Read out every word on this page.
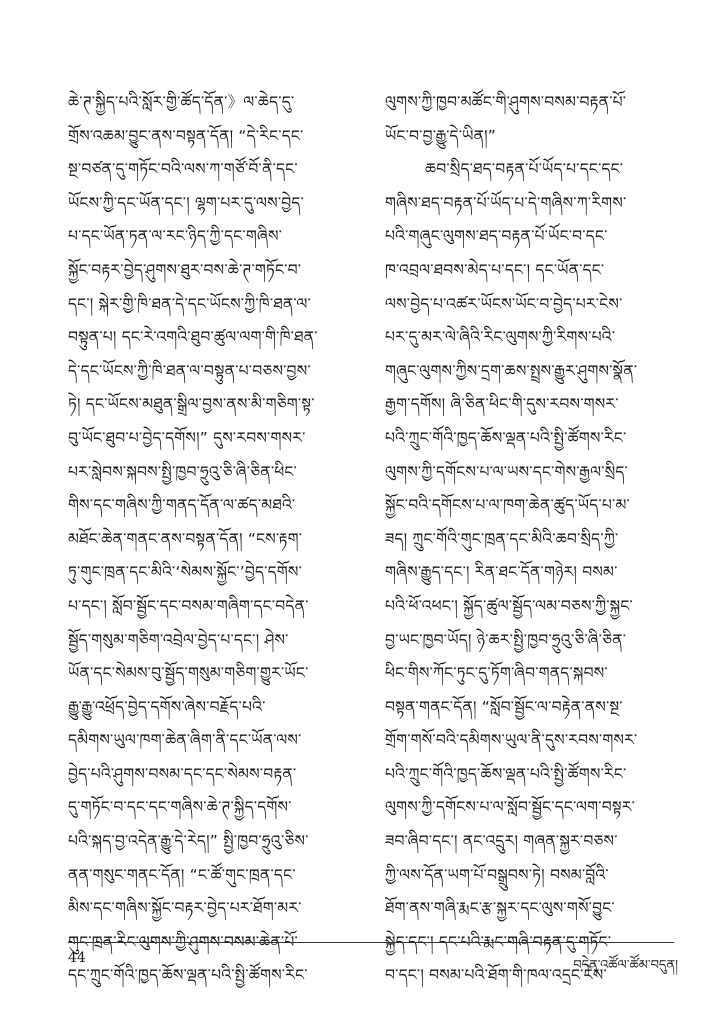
ཆེ་ཊ་སྐྱིད་པའི་སློར་གྱི་ཚོད་དོན་》ལ་ཆེད་དུ་
གྲོས་འཆམ་བྱུང་ནས་བསྟན་དོན། “དེ་རིང་དང་
སྔ་བཙན་དུ་གཏོང་བའི་ལས་ཀ་གཙོ་བོ་ནི་དང་
ཡོངས་ཀྱི་དང་ཡོན་དང་། ལྷག་པར་དུ་ལས་བྱེད་
པ་དང་ཡོན་ཏན་ལ་རང་ཉིད་ཀྱི་དང་གཞིས་
སྐྱོང་བརྟར་བྱེད་ཤུགས་ཐུར་བས་ཆེ་ཊ་གཏོང་བ་
དང་། སྐེར་གྱི་ཁི་ཐན་དེ་དང་ཡོངས་ཀྱི་ཁི་ཐན་ལ་
བསྟུན་པ། དང་རེ་འགའི་ཐུབ་ཚུལ་ལག་གི་ཁི་ཐན་
དེ་དང་ཡོངས་ཀྱི་ཁི་ཐན་ལ་བསྟུན་པ་བཅས་བྱས་
ཏེ། དང་ཡོངས་མཐུན་སྒྲིལ་བྱས་ནས་མི་གཅིག་སྟ་
བུ་ཡོང་ཐུབ་པ་བྱེད་དགོས།” དུས་རབས་གསར་
པར་སླེབས་སྐབས་སྤྱི་ཁྱབ་ཧྲུའུ་ཅི་ཞི་ཅིན་ཕིང་
གིས་དང་གཞིས་ཀྱི་གནད་དོན་ལ་ཚད་མཐའི་
མཐོང་ཆེན་གནང་ནས་བསྟན་དོན། “ངས་རྟག་
ཏུ་གུང་ཁྲན་དང་མིའི་‘སེམས་སྐྱོང་’བྱེད་དགོས་
པ་དང་། སློབ་སྦྱོང་དང་བསམ་གཞིག་དང་བདེན་
སྦྱོད་གསུམ་གཅིག་འབྲེལ་བྱེད་པ་དང་། ཤེས་
ཡོན་དང་སེམས་བུ་སྦྱོད་གསུམ་གཅིག་གྱུར་ཡོང་
རྒྱུ་རྒྱུ་འཕྲོད་བྱེད་དགོས་ཞེས་བརྗོད་པའི་
དམིགས་ཡུལ་ཁག་ཆེན་ཞིག་ནི་དང་ཡོན་ལས་
བྱེད་པའི་ཤུགས་བསམ་དང་དང་སེམས་བརྟན་
དུ་གཏོང་བ་དང་དང་གཞིས་ཆེ་ཊ་སྐྱིད་དགོས་
པའི་སྐད་བྱ་འདེན་རྒྱུ་དེ་རེད།” སྤྱི་ཁྱབ་ཧྲུའུ་ཅིས་
ནན་གསུང་གནང་དོན། “ང་ཚོ་གུང་ཁྲན་དང་
མིས་དང་གཞིས་སྐྱོང་བརྟར་བྱེད་པར་ཐོག་མར་
གུང་ཁྲན་རིང་ལུགས་ཀྱི་ཤུགས་བསམ་ཆེན་པོ་
དང་ཀྲུང་གོའི་ཁྱད་ཆོས་ལྡན་པའི་སྤྱི་ཚོགས་རིང་
ལུགས་ཀྱི་ཁྱབ་མཚོང་གི་ཤུགས་བསམ་བརྟན་པོ་
ཡོང་བ་བྱ་རྒྱུ་དེ་ཡིན།”
ཆབ་སྲིད་ཐད་བརྟན་པོ་ཡོད་པ་དང་དང་
གཞིས་ཐད་བརྟན་པོ་ཡོད་པ་དེ་གཞིས་ཀ་རིགས་
པའི་གཞུང་ལུགས་ཐད་བརྟན་པོ་ཡོང་བ་དང་
ཁ་འབྲལ་ཐབས་མེད་པ་དང་། དང་ཡོན་དང་
ལས་བྱེད་པ་འཚར་ཡོངས་ཡོང་བ་བྱེད་པར་ངེས་
པར་དུ་མར་ལེ་ཞིའི་རིང་ལུགས་ཀྱི་རིགས་པའི་
གཞུང་ལུགས་ཀྱིས་དྲག་ཆས་སྤྲས་རྒྱུར་ཤུགས་སྣོན་
རྒྱག་དགོས། ཞི་ཅིན་ཕིང་གི་དུས་རབས་གསར་
པའི་ཀྲུང་གོའི་ཁྱད་ཆོས་ལྡན་པའི་སྤྱི་ཚོགས་རིང་
ལུགས་ཀྱི་དགོངས་པ་ལ་ཡས་དང་གེས་རྒྱལ་སྲིད་
སྐྱོང་བའི་དགོངས་པ་ལ་ཁག་ཆེན་ཚུད་ཡོད་པ་མ་
ཟད། ཀྲུང་གོའི་གུང་ཁྲན་དང་མིའི་ཆབ་སྲིད་ཀྱི་
གཞིས་རྒྱུད་དང་། རིན་ཐང་དོན་གཉེར། བསམ་
པའི་ཕོ་འཕང་། སྐྱོད་ཚུལ་སྦྱོད་ལམ་བཅས་ཀྱི་སྐྱང་
བྱ་ཡང་ཁྱབ་ཡོད། ཉེ་ཆར་སྤྱི་ཁྱབ་ཧྲུའུ་ཅི་ཞི་ཅིན་
ཕིང་གིས་ཀོང་ཏུང་དུ་ཏོག་ཞིབ་གནད་སྐབས་
བསྟན་གནང་དོན། “སློབ་སྦྱོང་ལ་བརྟེན་ནས་སྔ་
གྲོག་གསོ་བའི་དམིགས་ཡུལ་ནི་དུས་རབས་གསར་
པའི་ཀྲུང་གོའི་ཁྱད་ཆོས་ལྡན་པའི་སྤྱི་ཚོགས་རིང་
ལུགས་ཀྱི་དགོངས་པ་ལ་སློབ་སྦྱོང་དང་ལག་བསྟར་
ཟབ་ཞིབ་དང་། ནང་འདྲུར། གཞན་སྐྱར་བཅས་
ཀྱི་ལས་དོན་ཡག་པོ་བསྒྲུབས་ཏེ། བསམ་བློའི་
ཐོག་ནས་གཞི་རྨང་རྩ་སྐྱར་དང་ལུས་གསོ་བྱུང་
སྐྱེད་དང་། དང་པའི་རྨང་གཞི་བརྟན་དུ་གཏོང་
བ་དང་། བསམ་པའི་ཐོག་གི་ཁལ་འདྲང་ངེས་
44	བདེན་འཚོལ་ཚོམ་བདུན།
